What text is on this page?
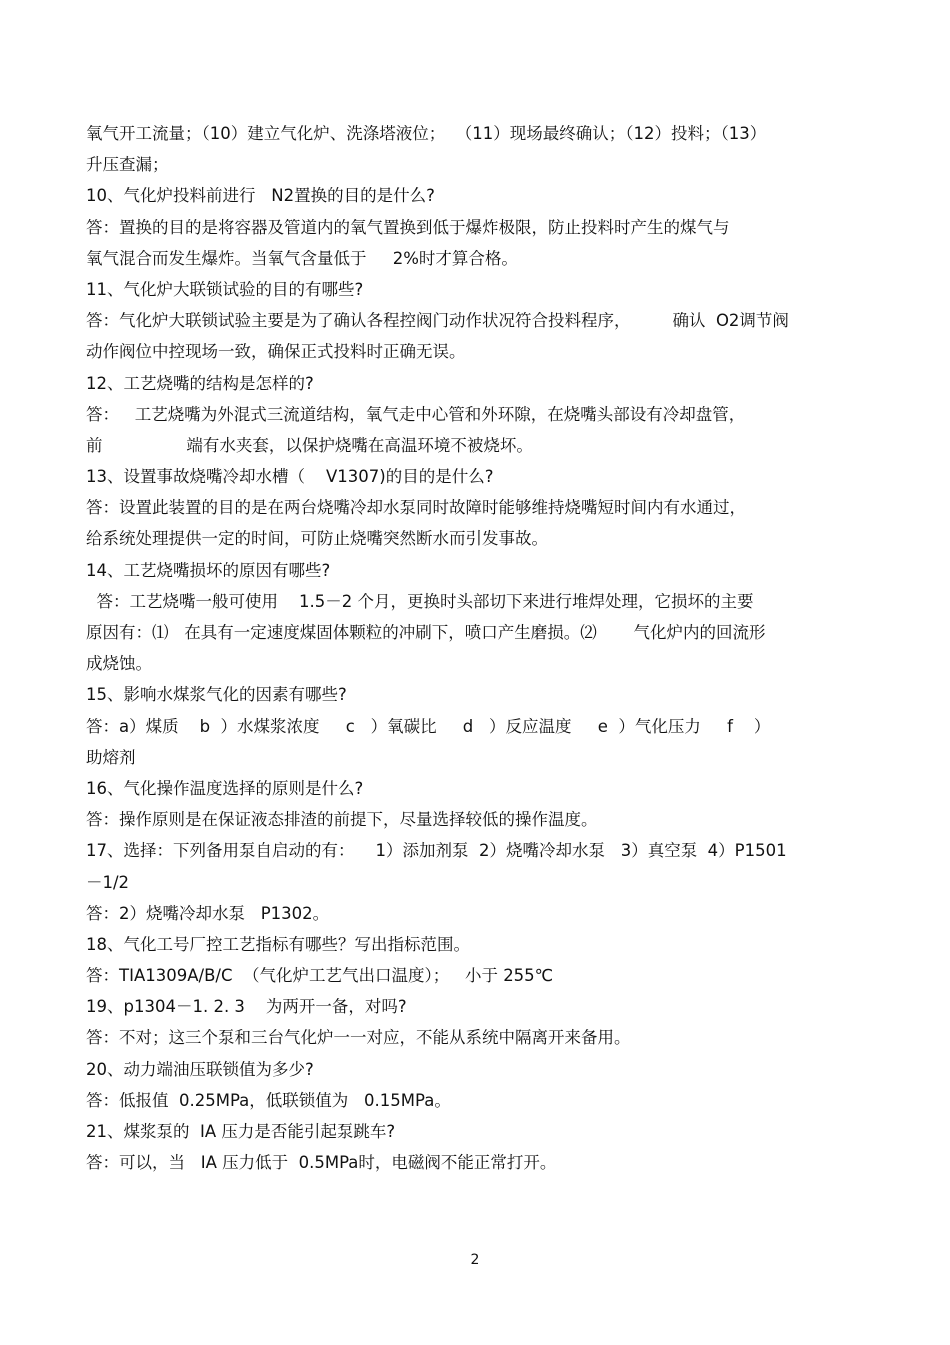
氧气开工流量；（10）建立气化炉、洗涤塔液位；  （11）现场最终确认；（12）投料；（13）
升压查漏；
10、气化炉投料前进行   N2置换的目的是什么?
答：置换的目的是将容器及管道内的氧气置换到低于爆炸极限，防止投料时产生的煤气与
氧气混合而发生爆炸。当氧气含量低于     2%时才算合格。
11、气化炉大联锁试验的目的有哪些?
答：气化炉大联锁试验主要是为了确认各程控阀门动作状况符合投料程序，        确认  O2调节阀
动作阀位中控现场一致，确保正式投料时正确无误。
12、工艺烧嘴的结构是怎样的?
答：   工艺烧嘴为外混式三流道结构，氧气走中心管和外环隙，在烧嘴头部设有冷却盘管，
前                端有水夹套，以保护烧嘴在高温环境不被烧坏。
13、设置事故烧嘴冷却水槽（    V1307)的目的是什么?
答：设置此装置的目的是在两台烧嘴冷却水泵同时故障时能够维持烧嘴短时间内有水通过，
给系统处理提供一定的时间，可防止烧嘴突然断水而引发事故。
14、工艺烧嘴损坏的原因有哪些?
答：工艺烧嘴一般可使用    1.5－2 个月，更换时头部切下来进行堆焊处理，它损坏的主要
原因有：⑴   在具有一定速度煤固体颗粒的冲刷下，喷口产生磨损。⑵       气化炉内的回流形
成烧蚀。
15、影响水煤浆气化的因素有哪些?
答：a）煤质    b  ）水煤浆浓度     c   ）氧碳比     d   ）反应温度     e  ）气化压力     f    ）
助熔剂
16、气化操作温度选择的原则是什么?
答：操作原则是在保证液态排渣的前提下，尽量选择较低的操作温度。
17、选择：下列备用泵自启动的有：    1）添加剂泵  2）烧嘴冷却水泵   3）真空泵  4）P1501
－1/2
答：2）烧嘴冷却水泵   P1302。
18、气化工号厂控工艺指标有哪些？写出指标范围。
答：TIA1309A/B/C  （气化炉工艺气出口温度）；   小于 255℃
19、p1304－1. 2. 3    为两开一备，对吗?
答：不对；这三个泵和三台气化炉一一对应，不能从系统中隔离开来备用。
20、动力端油压联锁值为多少?
答：低报值  0.25MPa，低联锁值为   0.15MPa。
21、煤浆泵的  IA 压力是否能引起泵跳车?
答：可以，当   IA 压力低于  0.5MPa时，电磁阀不能正常打开。
2
